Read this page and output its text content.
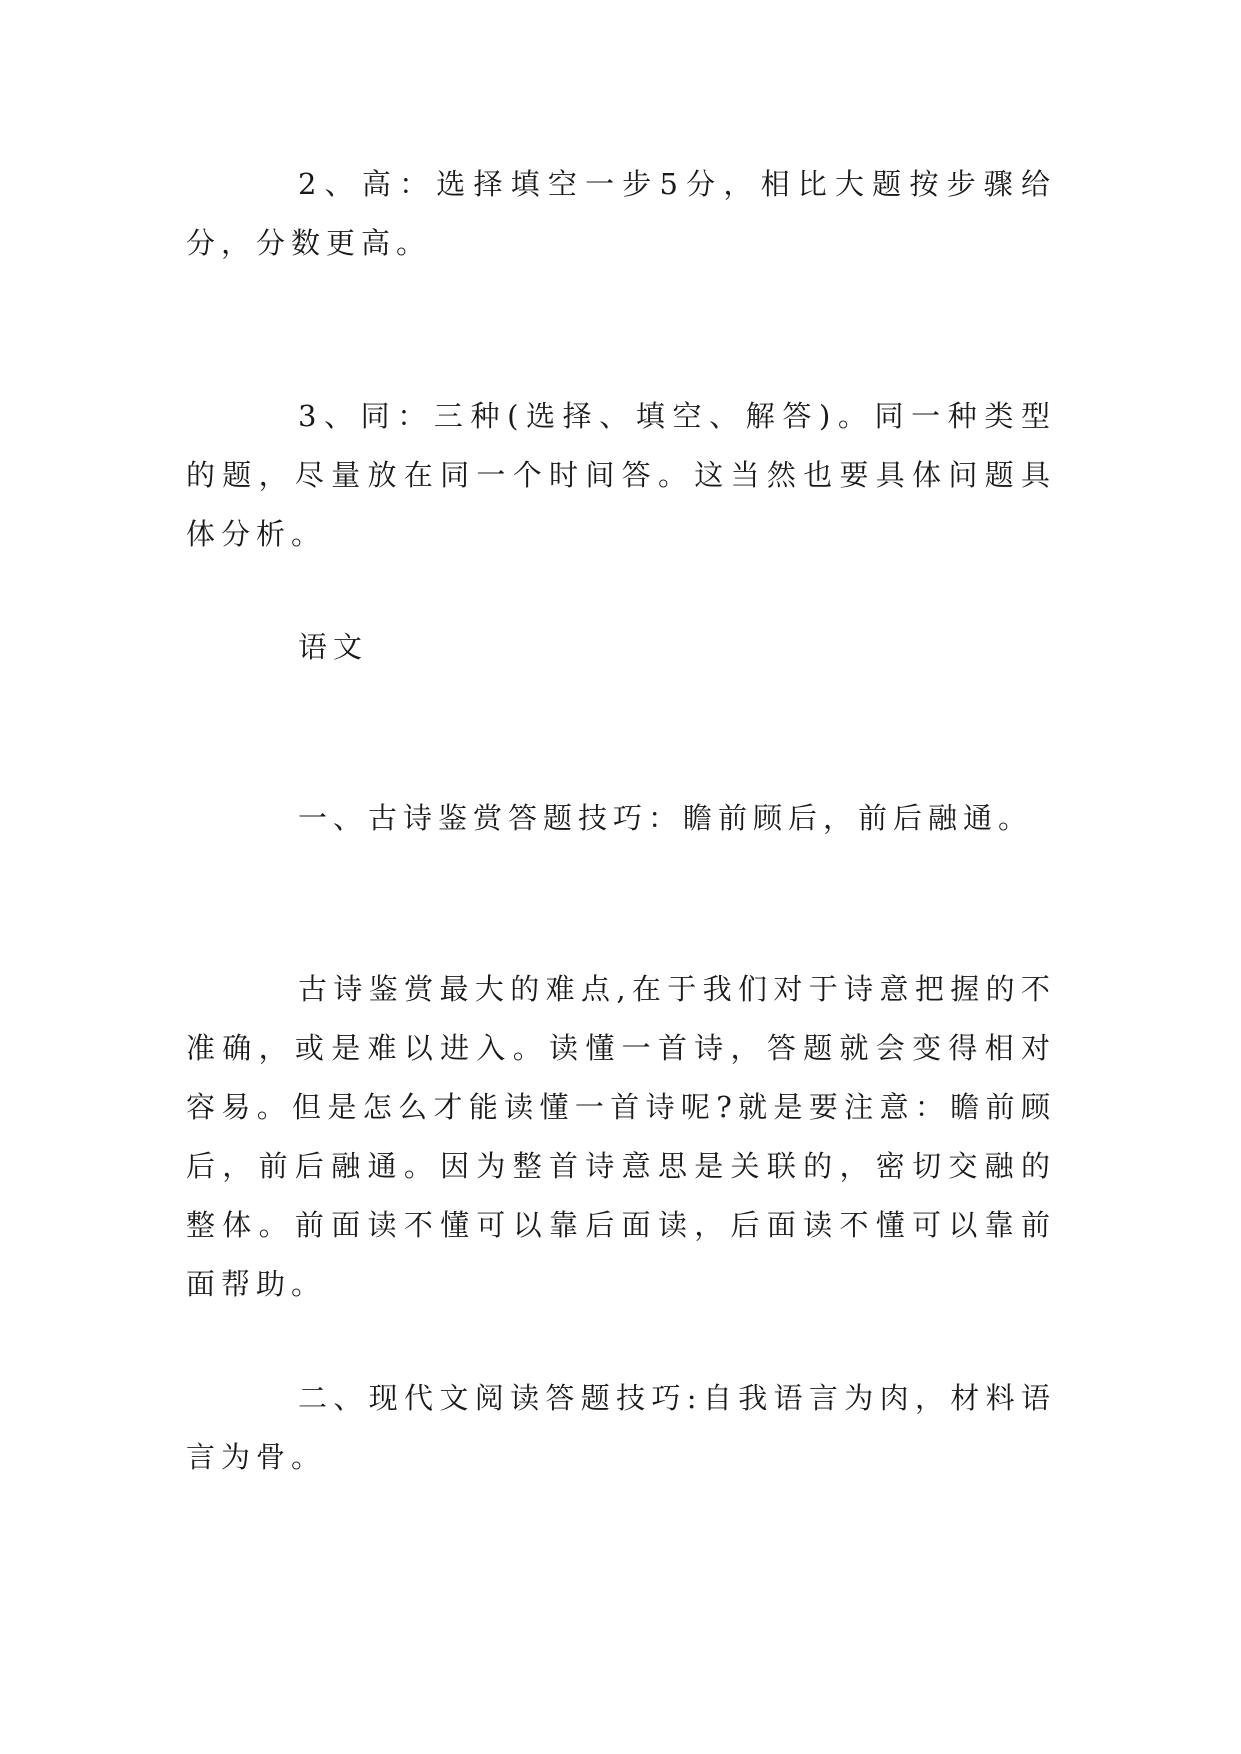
2、高：选择填空一步5分，相比大题按步骤给分，分数更高。

3、同：三种(选择、填空、解答)。同一种类型的题，尽量放在同一个时间答。这当然也要具体问题具体分析。

语文

一、古诗鉴赏答题技巧：瞻前顾后，前后融通。

古诗鉴赏最大的难点,在于我们对于诗意把握的不准确，或是难以进入。读懂一首诗，答题就会变得相对容易。但是怎么才能读懂一首诗呢?就是要注意：瞻前顾后，前后融通。因为整首诗意思是关联的，密切交融的整体。前面读不懂可以靠后面读，后面读不懂可以靠前面帮助。

二、现代文阅读答题技巧:自我语言为肉，材料语言为骨。
